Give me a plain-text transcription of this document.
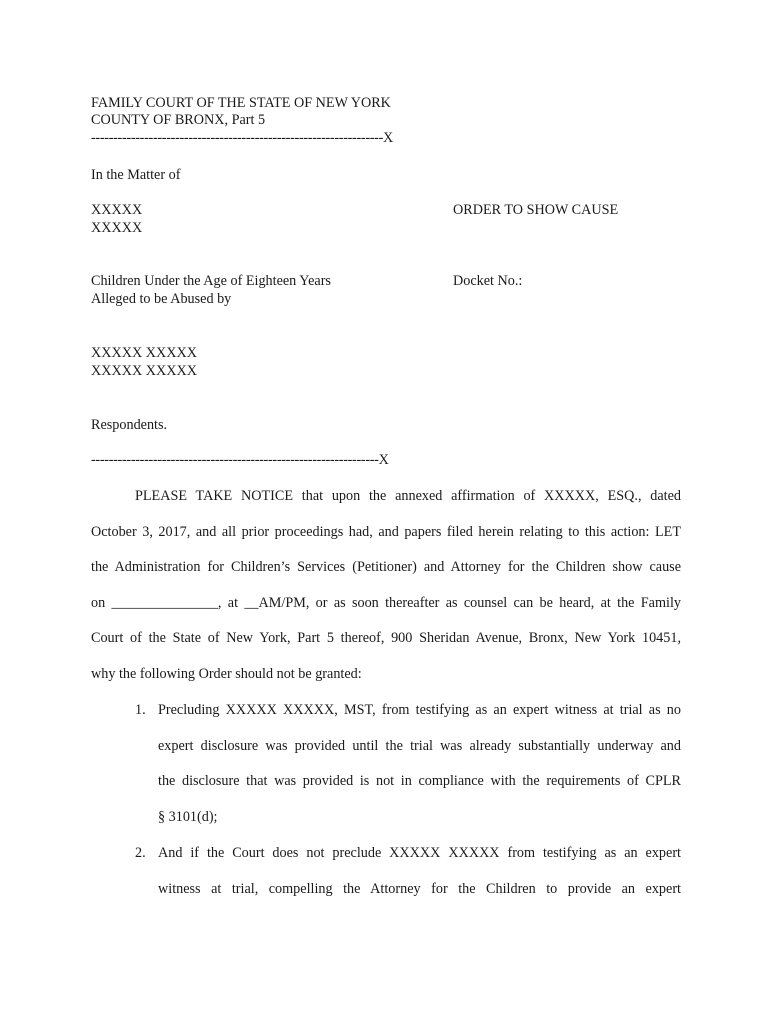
FAMILY COURT OF THE STATE OF NEW YORK
COUNTY OF BRONX, Part 5
------------------------------------------------------------------X
In the Matter of
XXXXX	ORDER TO SHOW CAUSE
XXXXX
Children Under the Age of Eighteen Years	Docket No.:
Alleged to be Abused by
XXXXX XXXXX
XXXXX XXXXX
Respondents.
-----------------------------------------------------------------X
PLEASE TAKE NOTICE that upon the annexed affirmation of XXXXX, ESQ., dated
October 3, 2017, and all prior proceedings had, and papers filed herein relating to this action: LET
the Administration for Children’s Services (Petitioner) and Attorney for the Children show cause
on _______________, at __AM/PM, or as soon thereafter as counsel can be heard, at the Family
Court of the State of New York, Part 5 thereof, 900 Sheridan Avenue, Bronx, New York 10451,
why the following Order should not be granted:
1. Precluding XXXXX XXXXX, MST, from testifying as an expert witness at trial as no
expert disclosure was provided until the trial was already substantially underway and
the disclosure that was provided is not in compliance with the requirements of CPLR
§ 3101(d);
2. And if the Court does not preclude XXXXX XXXXX from testifying as an expert
witness at trial, compelling the Attorney for the Children to provide an expert
